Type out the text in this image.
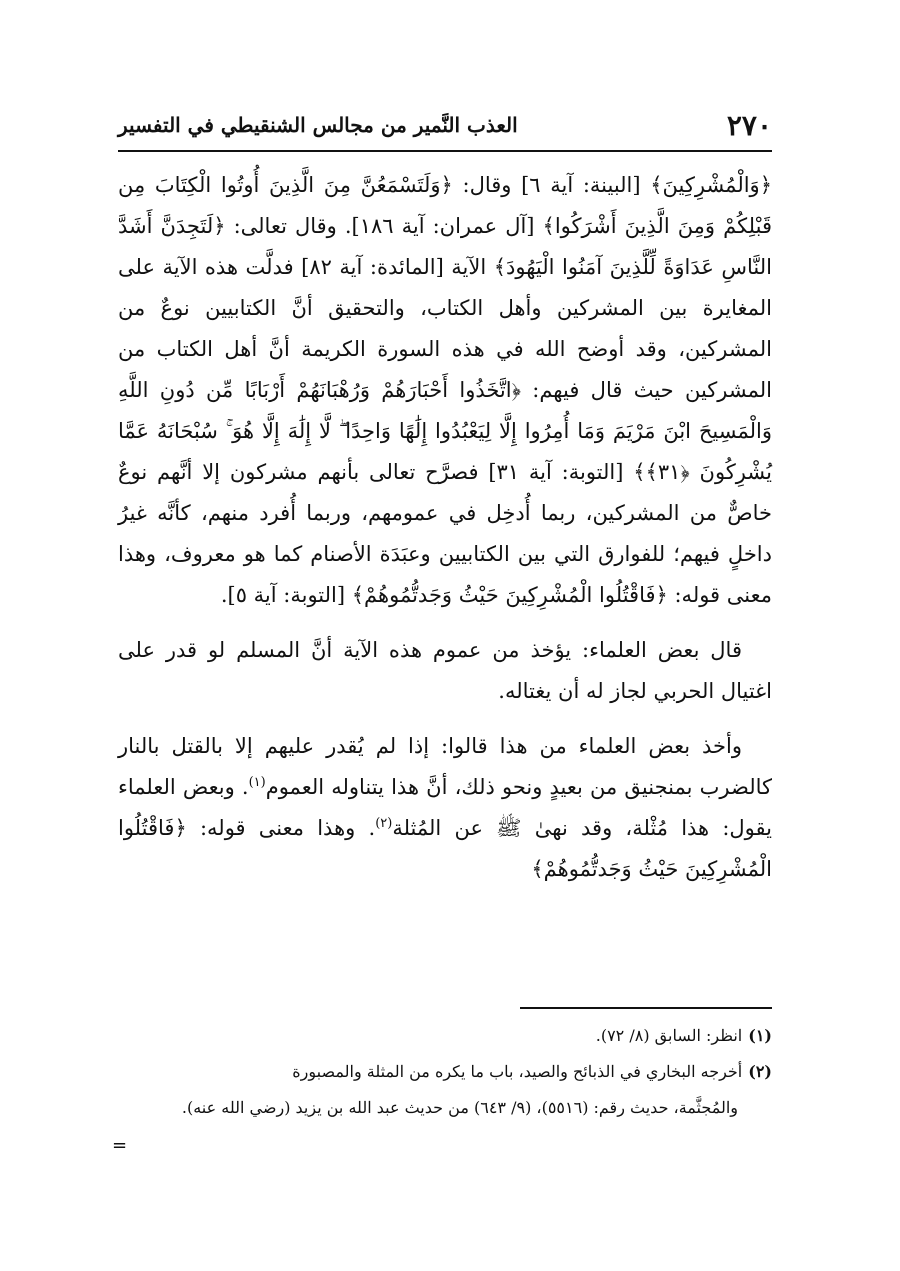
العذب النَّمير من مجالس الشنقيطي في التفسير	٢٧٠

﴿وَالْمُشْرِكِينَ﴾ [البينة: آية ٦] وقال: ﴿وَلَتَسْمَعُنَّ مِنَ الَّذِينَ أُوتُوا الْكِتَابَ مِن قَبْلِكُمْ وَمِنَ الَّذِينَ أَشْرَكُوا﴾ [آل عمران: آية ١٨٦]. وقال تعالى: ﴿لَتَجِدَنَّ أَشَدَّ النَّاسِ عَدَاوَةً لِّلَّذِينَ آمَنُوا الْيَهُودَ﴾ الآية [المائدة: آية ٨٢] فدلَّت هذه الآية على المغايرة بين المشركين وأهل الكتاب، والتحقيق أنَّ الكتابيين نوعٌ من المشركين، وقد أوضح الله في هذه السورة الكريمة أنَّ أهل الكتاب من المشركين حيث قال فيهم: ﴿اتَّخَذُوا أَحْبَارَهُمْ وَرُهْبَانَهُمْ أَرْبَابًا مِّن دُونِ اللَّهِ وَالْمَسِيحَ ابْنَ مَرْيَمَ وَمَا أُمِرُوا إِلَّا لِيَعْبُدُوا إِلَٰهًا وَاحِدًا ۖ لَّا إِلَٰهَ إِلَّا هُوَ ۚ سُبْحَانَهُ عَمَّا يُشْرِكُونَ ﴿٣١﴾﴾ [التوبة: آية ٣١] فصرَّح تعالى بأنهم مشركون إلا أنَّهم نوعٌ خاصٌّ من المشركين، ربما أُدخِل في عمومهم، وربما أُفرد منهم، كأنَّه غيرُ داخلٍ فيهم؛ للفوارق التي بين الكتابيين وعبَدَة الأصنام كما هو معروف، وهذا معنى قوله: ﴿فَاقْتُلُوا الْمُشْرِكِينَ حَيْثُ وَجَدتُّمُوهُمْ﴾ [التوبة: آية ٥].

قال بعض العلماء: يؤخذ من عموم هذه الآية أنَّ المسلم لو قدر على اغتيال الحربي لجاز له أن يغتاله.

وأخذ بعض العلماء من هذا قالوا: إذا لم يُقدر عليهم إلا بالقتل بالنار كالضرب بمنجنيق من بعيدٍ ونحو ذلك، أنَّ هذا يتناوله العموم$^{(١)}$. وبعض العلماء يقول: هذا مُثْلة، وقد نهىٰ ﷺ عن المُثلة$^{(٢)}$. وهذا معنى قوله: ﴿فَاقْتُلُوا الْمُشْرِكِينَ حَيْثُ وَجَدتُّمُوهُمْ﴾

(١)انظر: السابق (٨/ ٧٢).

(٢)أخرجه البخاري في الذبائح والصيد، باب ما يكره من المثلة والمصبورة

والمُجثَّمة، حديث رقم: (٥٥١٦)، (٩/ ٦٤٣) من حديث عبد الله بن يزيد (رضي الله عنه).

=
